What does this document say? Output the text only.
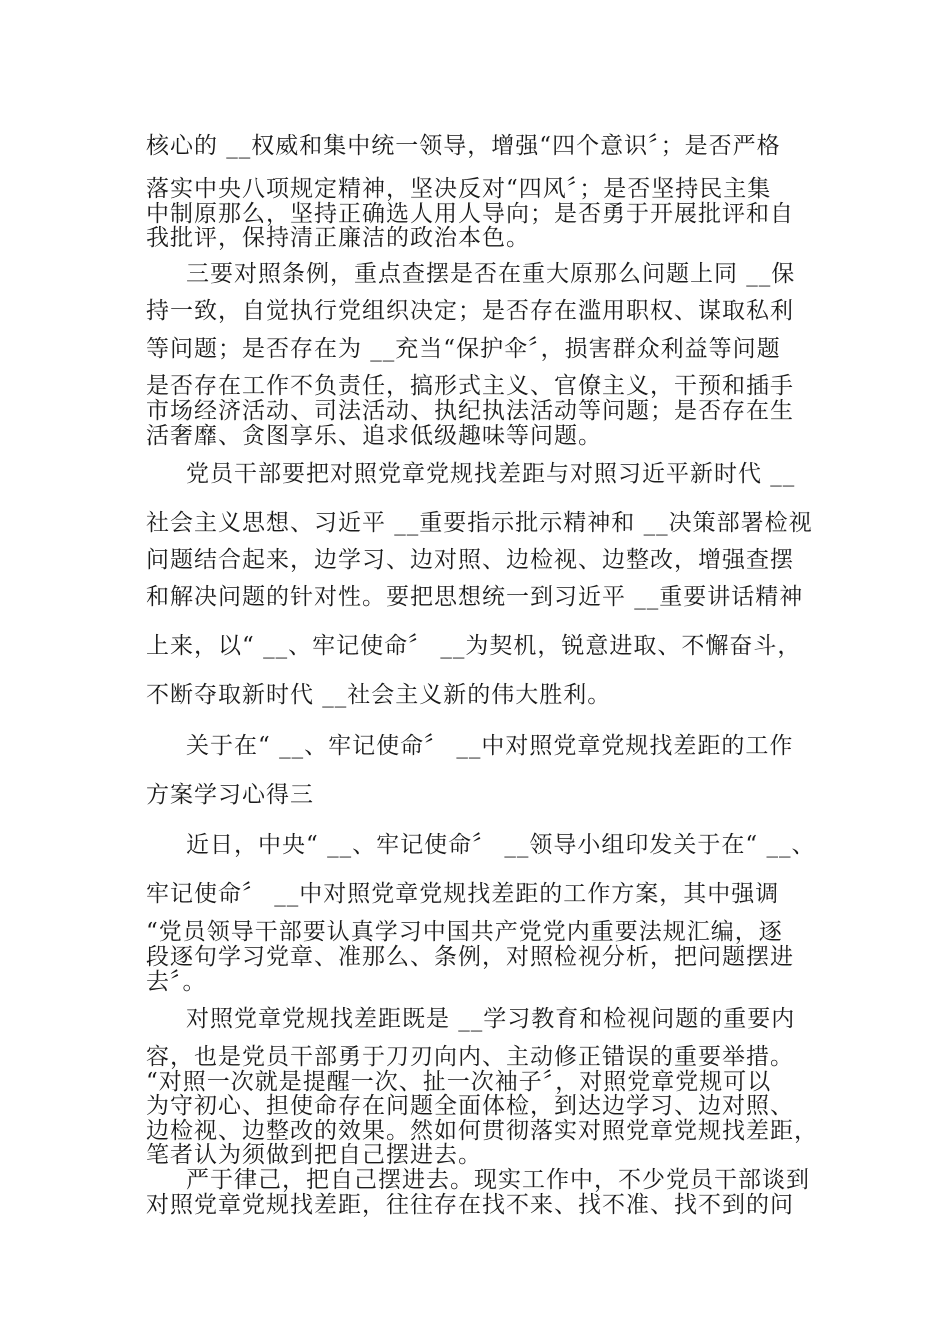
核心的 __权威和集中统一领导，增强“四个意识〞；是否严格
落实中央八项规定精神，坚决反对“四风〞；是否坚持民主集
中制原那么，坚持正确选人用人导向；是否勇于开展批评和自
我批评，保持清正廉洁的政治本色。
三要对照条例，重点查摆是否在重大原那么问题上同 __保
持一致，自觉执行党组织决定；是否存在滥用职权、谋取私利
等问题；是否存在为 __充当“保护伞〞，损害群众利益等问题
是否存在工作不负责任，搞形式主义、官僚主义，干预和插手
市场经济活动、司法活动、执纪执法活动等问题；是否存在生
活奢靡、贪图享乐、追求低级趣味等问题。
党员干部要把对照党章党规找差距与对照习近平新时代 __
社会主义思想、习近平 __重要指示批示精神和 __决策部署检视
问题结合起来，边学习、边对照、边检视、边整改，增强查摆
和解决问题的针对性。要把思想统一到习近平 __重要讲话精神
上来，以“ __、牢记使命〞 __为契机，锐意进取、不懈奋斗，
不断夺取新时代 __社会主义新的伟大胜利。
关于在“ __、牢记使命〞 __中对照党章党规找差距的工作
方案学习心得三
近日，中央“ __、牢记使命〞 __领导小组印发关于在“ __、
牢记使命〞 __中对照党章党规找差距的工作方案，其中强调
“党员领导干部要认真学习中国共产党党内重要法规汇编，逐
段逐句学习党章、准那么、条例，对照检视分析，把问题摆进
去〞。
对照党章党规找差距既是 __学习教育和检视问题的重要内
容，也是党员干部勇于刀刃向内、主动修正错误的重要举措。
“对照一次就是提醒一次、扯一次袖子〞，对照党章党规可以
为守初心、担使命存在问题全面体检，到达边学习、边对照、
边检视、边整改的效果。然如何贯彻落实对照党章党规找差距，
笔者认为须做到把自己摆进去。
严于律己，把自己摆进去。现实工作中，不少党员干部谈到
对照党章党规找差距，往往存在找不来、找不准、找不到的问
